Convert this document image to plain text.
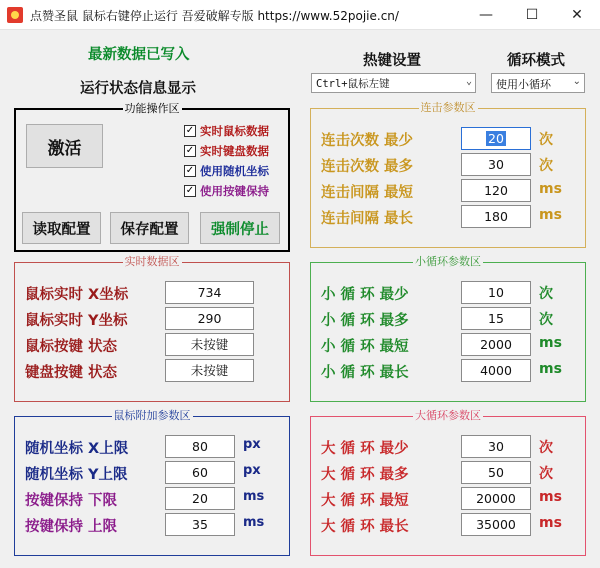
点赞圣鼠 鼠标右键停止运行 吾爱破解专版 https://www.52pojie.cn/	—	☐	✕
最新数据已写入
运行状态信息显示
热键设置	循环模式
Ctrl+鼠标左键	⌄	使用小循环 ⌄
功能操作区
激活
✓ 实时鼠标数据
✓ 实时键盘数据
✓ 使用随机坐标
✓ 使用按键保持
读取配置	保存配置	强制停止
连击参数区
连击次数 最少	20	次
连击次数 最多	30	次
连击间隔 最短	120	ms
连击间隔 最长	180	ms
实时数据区
鼠标实时 X坐标	734
鼠标实时 Y坐标	290
鼠标按键 状态	未按键
键盘按键 状态	未按键
小循环参数区
小 循 环 最少	10	次
小 循 环 最多	15	次
小 循 环 最短	2000	ms
小 循 环 最长	4000	ms
鼠标附加参数区
随机坐标 X上限	80	px
随机坐标 Y上限	60	px
按键保持 下限	20	ms
按键保持 上限	35	ms
大循环参数区
大 循 环 最少	30	次
大 循 环 最多	50	次
大 循 环 最短	20000	ms
大 循 环 最长	35000	ms
